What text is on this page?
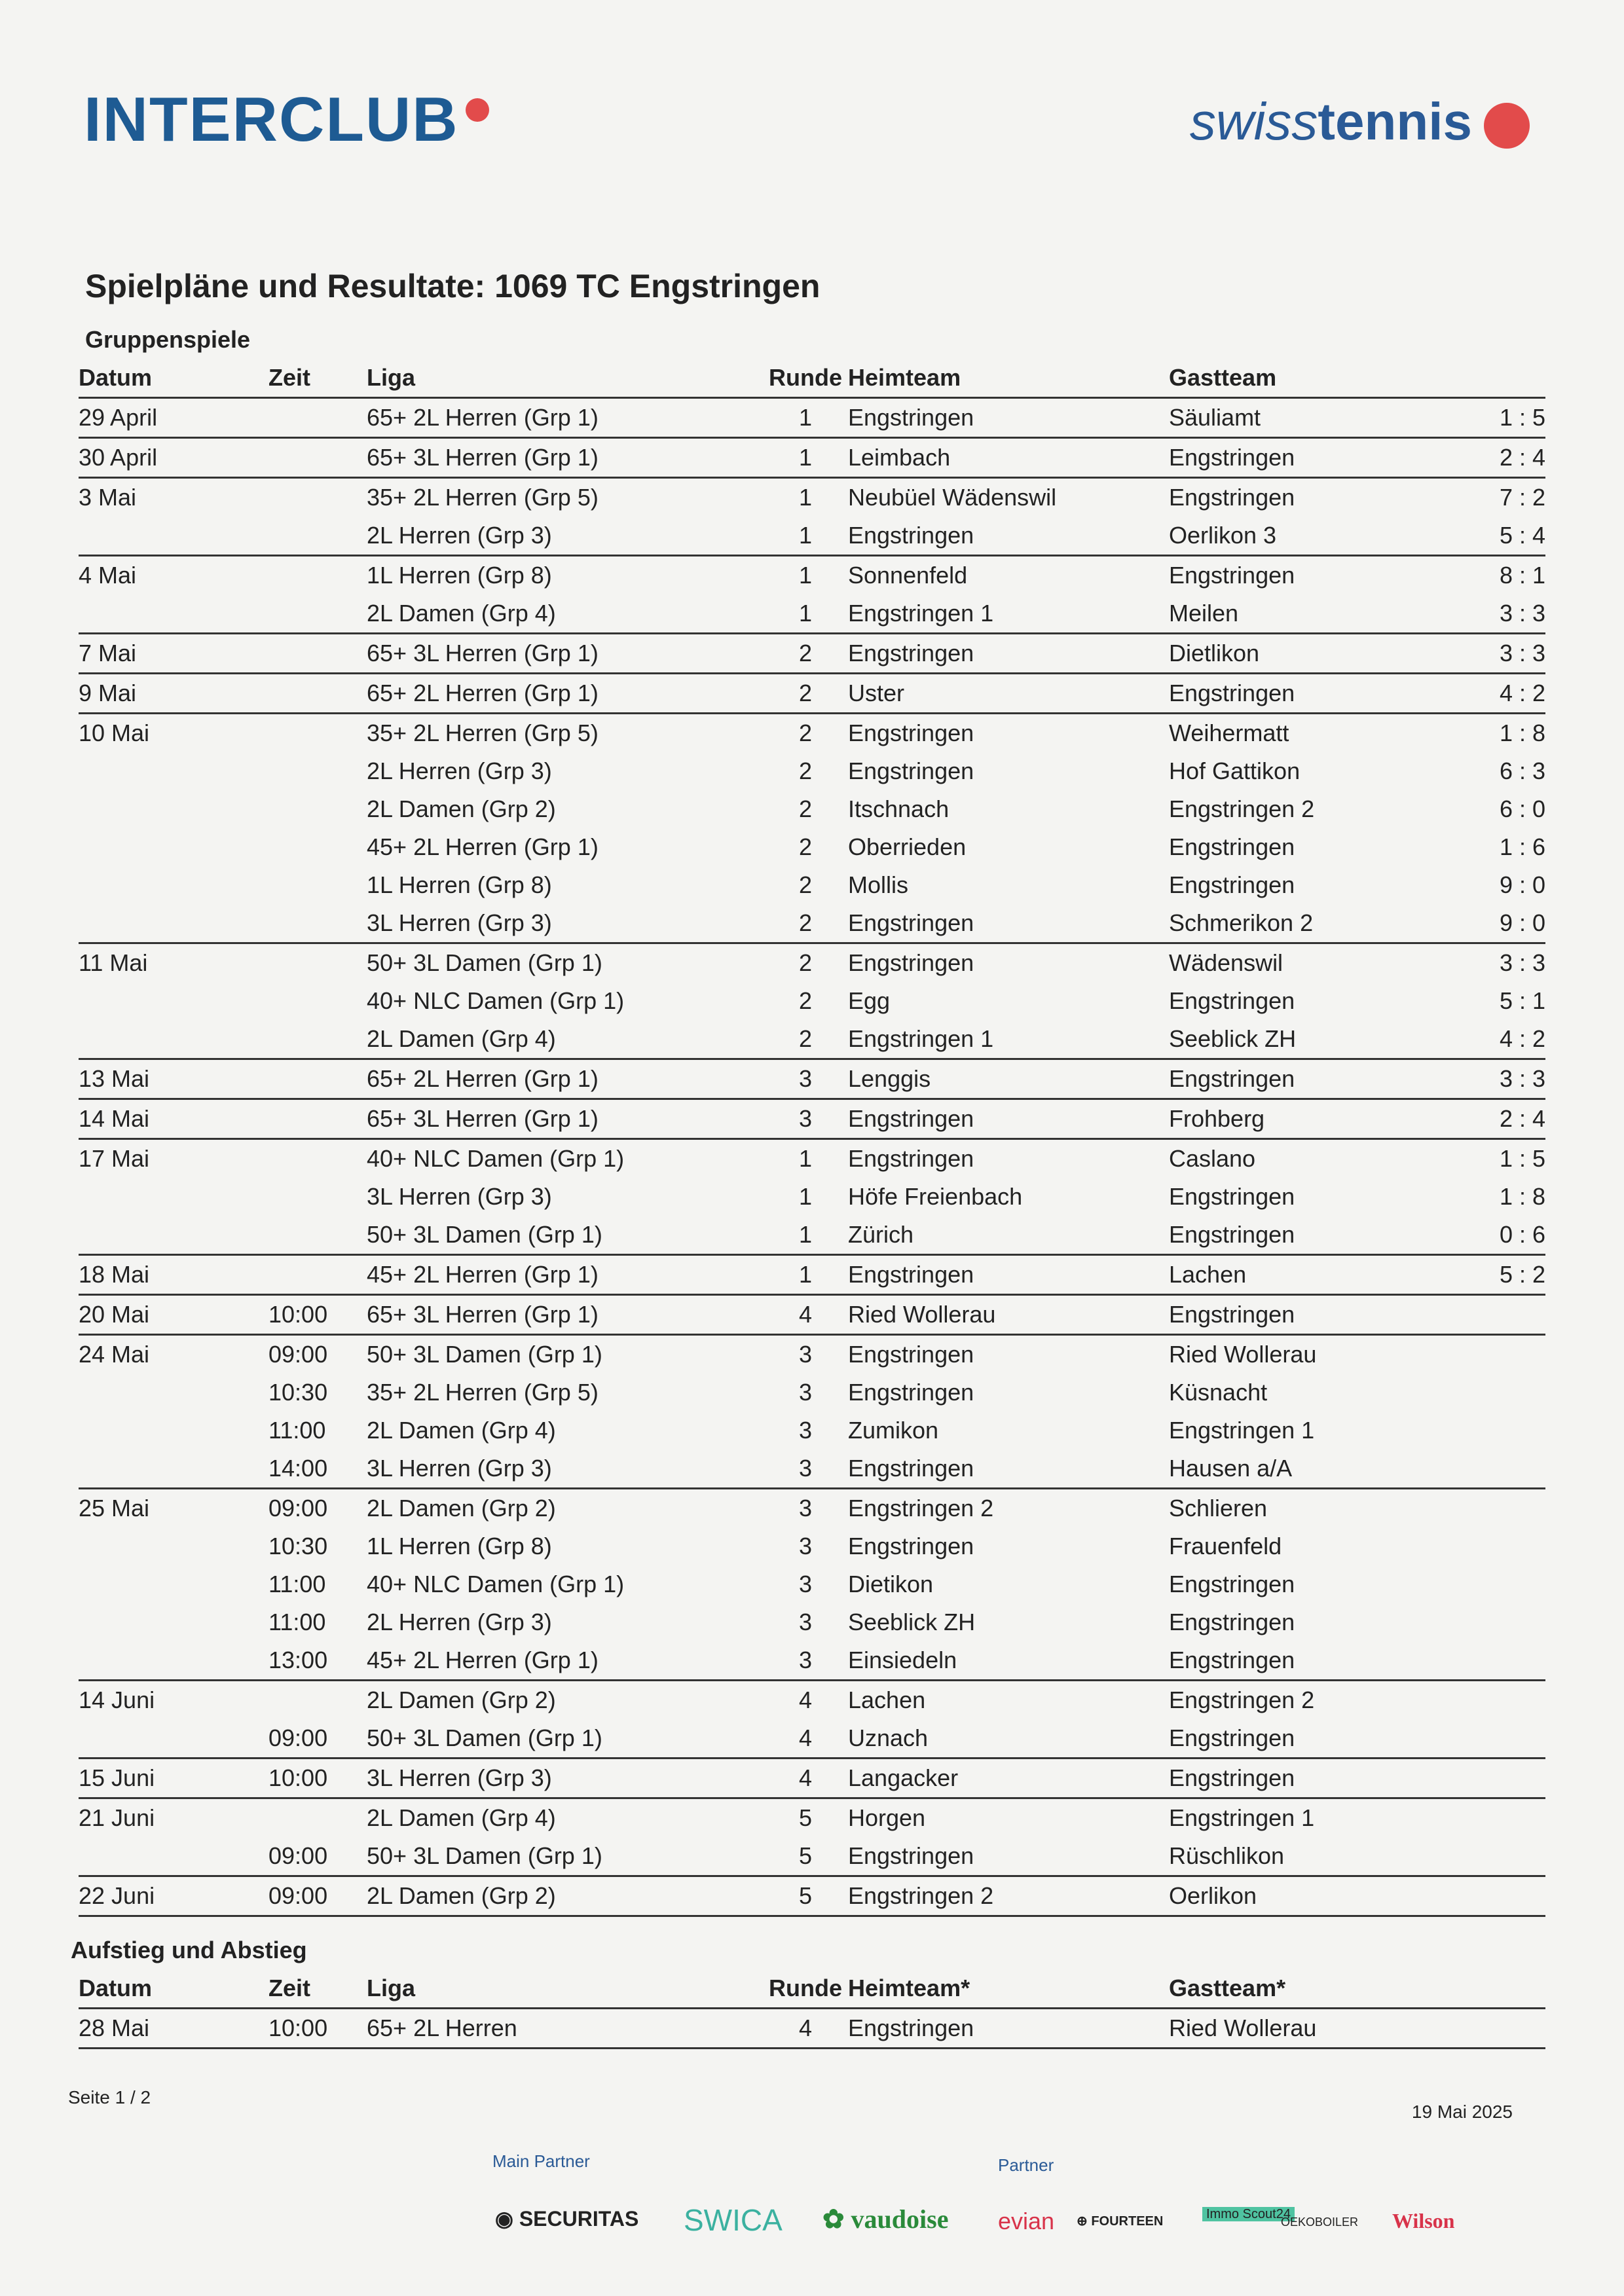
INTERCLUB	swisstennis
Spielpläne und Resultate: 1069 TC Engstringen
Gruppenspiele
Datum	Zeit	Liga	Runde	Heimteam	Gastteam	
29 April		65+ 2L Herren (Grp 1)	1	Engstringen	Säuliamt	1 : 5
30 April		65+ 3L Herren (Grp 1)	1	Leimbach	Engstringen	2 : 4
3 Mai		35+ 2L Herren (Grp 5)	1	Neubüel Wädenswil	Engstringen	7 : 2
		2L Herren (Grp 3)	1	Engstringen	Oerlikon 3	5 : 4
4 Mai		1L Herren (Grp 8)	1	Sonnenfeld	Engstringen	8 : 1
		2L Damen (Grp 4)	1	Engstringen 1	Meilen	3 : 3
7 Mai		65+ 3L Herren (Grp 1)	2	Engstringen	Dietlikon	3 : 3
9 Mai		65+ 2L Herren (Grp 1)	2	Uster	Engstringen	4 : 2
10 Mai		35+ 2L Herren (Grp 5)	2	Engstringen	Weihermatt	1 : 8
		2L Herren (Grp 3)	2	Engstringen	Hof Gattikon	6 : 3
		2L Damen (Grp 2)	2	Itschnach	Engstringen 2	6 : 0
		45+ 2L Herren (Grp 1)	2	Oberrieden	Engstringen	1 : 6
		1L Herren (Grp 8)	2	Mollis	Engstringen	9 : 0
		3L Herren (Grp 3)	2	Engstringen	Schmerikon 2	9 : 0
11 Mai		50+ 3L Damen (Grp 1)	2	Engstringen	Wädenswil	3 : 3
		40+ NLC Damen (Grp 1)	2	Egg	Engstringen	5 : 1
		2L Damen (Grp 4)	2	Engstringen 1	Seeblick ZH	4 : 2
13 Mai		65+ 2L Herren (Grp 1)	3	Lenggis	Engstringen	3 : 3
14 Mai		65+ 3L Herren (Grp 1)	3	Engstringen	Frohberg	2 : 4
17 Mai		40+ NLC Damen (Grp 1)	1	Engstringen	Caslano	1 : 5
		3L Herren (Grp 3)	1	Höfe Freienbach	Engstringen	1 : 8
		50+ 3L Damen (Grp 1)	1	Zürich	Engstringen	0 : 6
18 Mai		45+ 2L Herren (Grp 1)	1	Engstringen	Lachen	5 : 2
20 Mai	10:00	65+ 3L Herren (Grp 1)	4	Ried Wollerau	Engstringen	
24 Mai	09:00	50+ 3L Damen (Grp 1)	3	Engstringen	Ried Wollerau	
	10:30	35+ 2L Herren (Grp 5)	3	Engstringen	Küsnacht	
	11:00	2L Damen (Grp 4)	3	Zumikon	Engstringen 1	
	14:00	3L Herren (Grp 3)	3	Engstringen	Hausen a/A	
25 Mai	09:00	2L Damen (Grp 2)	3	Engstringen 2	Schlieren	
	10:30	1L Herren (Grp 8)	3	Engstringen	Frauenfeld	
	11:00	40+ NLC Damen (Grp 1)	3	Dietikon	Engstringen	
	11:00	2L Herren (Grp 3)	3	Seeblick ZH	Engstringen	
	13:00	45+ 2L Herren (Grp 1)	3	Einsiedeln	Engstringen	
14 Juni		2L Damen (Grp 2)	4	Lachen	Engstringen 2	
	09:00	50+ 3L Damen (Grp 1)	4	Uznach	Engstringen	
15 Juni	10:00	3L Herren (Grp 3)	4	Langacker	Engstringen	
21 Juni		2L Damen (Grp 4)	5	Horgen	Engstringen 1	
	09:00	50+ 3L Damen (Grp 1)	5	Engstringen	Rüschlikon	
22 Juni	09:00	2L Damen (Grp 2)	5	Engstringen 2	Oerlikon	
Aufstieg und Abstieg
Datum	Zeit	Liga	Runde	Heimteam*	Gastteam*	
28 Mai	10:00	65+ 2L Herren	4	Engstringen	Ried Wollerau	
Seite 1 / 2
19 Mai 2025
Main Partner	Partner
◉ SECURITAS SWICA ✿ vaudoise evian ⊕ FOURTEEN	Immo Scout24
OEKOBOILER Wilson
